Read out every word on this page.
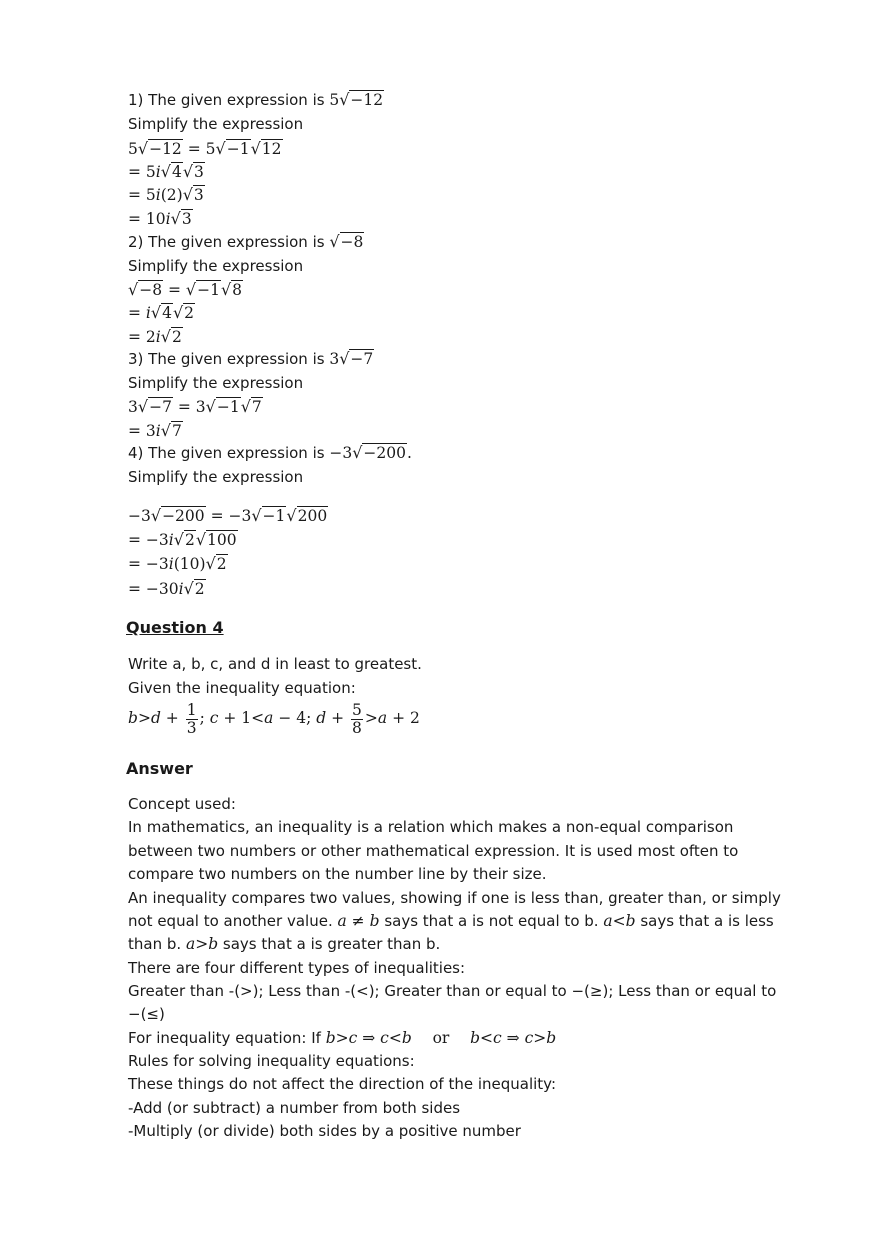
1) The given expression is 5√−12
Simplify the expression
5√−12 = 5√−1√12
= 5i√4√3
= 5i(2)√3
= 10i√3
2) The given expression is √−8
Simplify the expression
√−8 = √−1√8
= i√4√2
= 2i√2
3) The given expression is 3√−7
Simplify the expression
3√−7 = 3√−1√7
= 3i√7
4) The given expression is −3√−200.
Simplify the expression
−3√−200 = −3√−1√200
= −3i√2√100
= −3i(10)√2
= −30i√2
Question 4
Write a, b, c, and d in least to greatest.
Given the inequality equation:
$b>d + \frac{1}{3}$ ; c + 1<a − 4; $d + \frac{5}{8} >a + 2$
Answer
Concept used:
In mathematics, an inequality is a relation which makes a non-equal comparison
between two numbers or other mathematical expression. It is used most often to
compare two numbers on the number line by their size.
An inequality compares two values, showing if one is less than, greater than, or simply
not equal to another value. a ≠ b says that a is not equal to b. a<b says that a is less
than b. a>b says that a is greater than b.
There are four different types of inequalities:
Greater than -(>); Less than -(<); Greater than or equal to −(≥); Less than or equal to
−(≤)
For inequality equation: If b>c ⇒ c<b or b<c ⇒ c>b
Rules for solving inequality equations:
These things do not affect the direction of the inequality:
-Add (or subtract) a number from both sides
-Multiply (or divide) both sides by a positive number
